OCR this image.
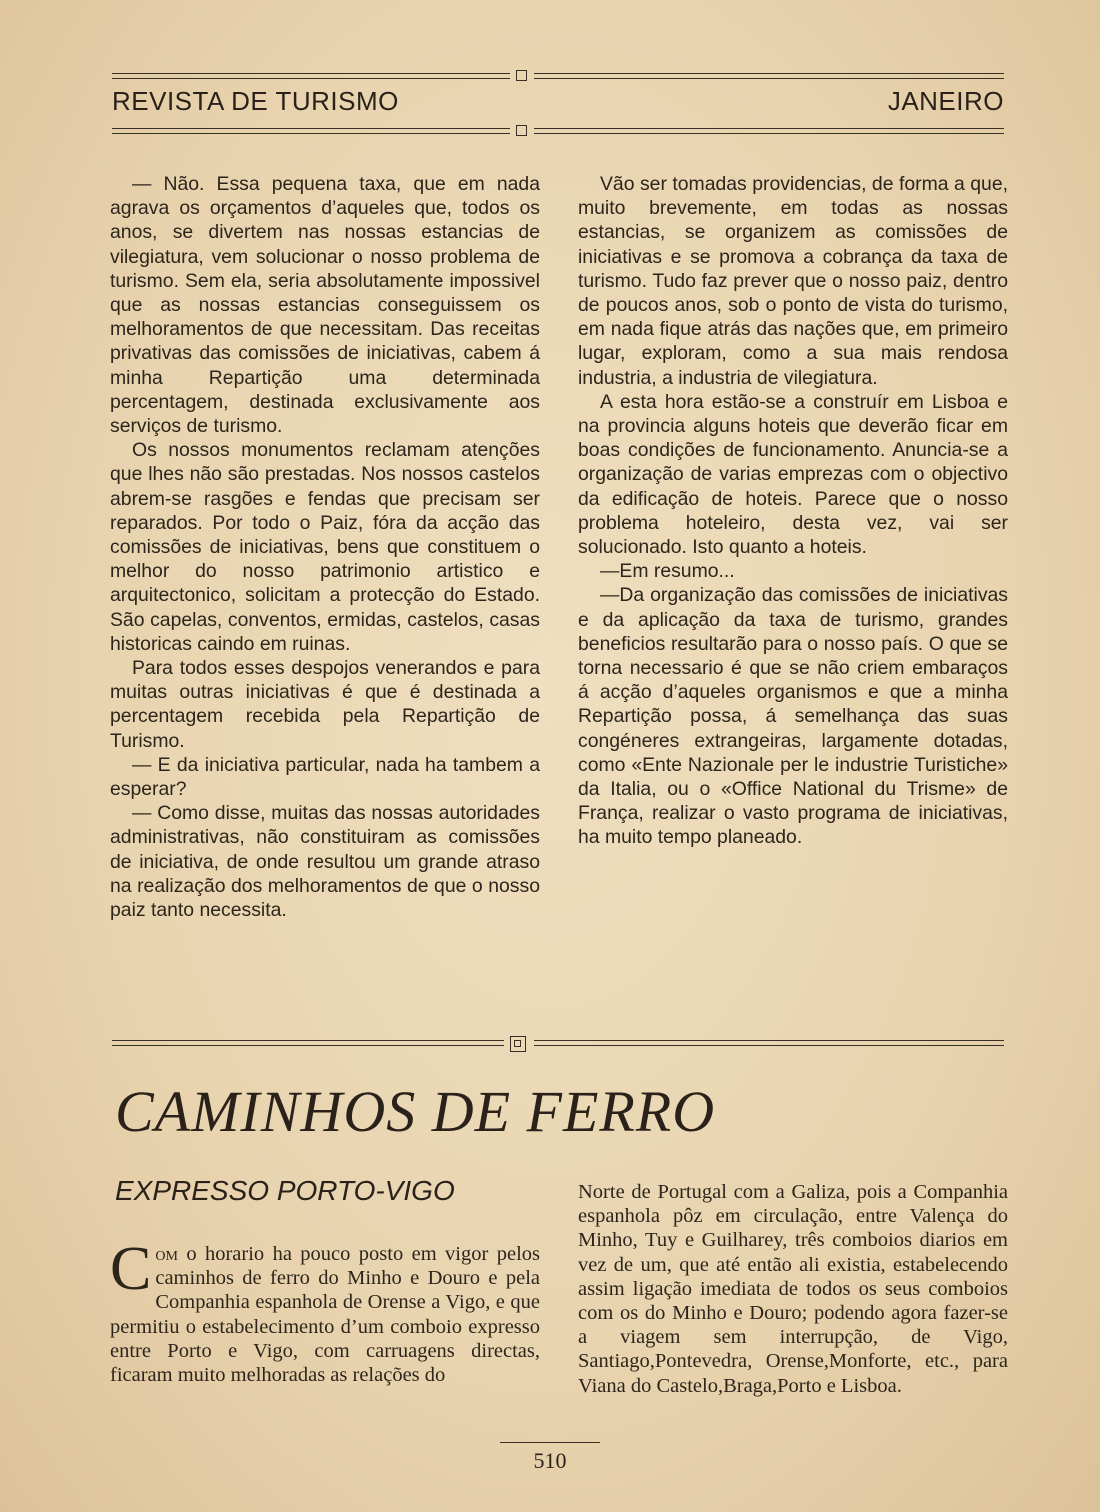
REVISTA DE TURISMO	JANEIRO

— Não. Essa pequena taxa, que em nada agrava os orçamentos d’aqueles que, todos os anos, se divertem nas nossas estancias de vilegiatura, vem solucionar o nosso problema de turismo. Sem ela, seria absolutamente impossivel que as nossas estancias conseguissem os melhoramentos de que necessitam. Das receitas privativas das comissões de iniciativas, cabem á minha Repartição uma determinada percentagem, destinada exclusivamente aos serviços de turismo.

Os nossos monumentos reclamam atenções que lhes não são prestadas. Nos nossos castelos abrem-se rasgões e fendas que precisam ser reparados. Por todo o Paiz, fóra da acção das comissões de iniciativas, bens que constituem o melhor do nosso patrimonio artistico e arquitectonico, solicitam a protecção do Estado. São capelas, conventos, ermidas, castelos, casas historicas caindo em ruinas.

Para todos esses despojos venerandos e para muitas outras iniciativas é que é destinada a percentagem recebida pela Repartição de Turismo.

— E da iniciativa particular, nada ha tambem a esperar?

— Como disse, muitas das nossas autoridades administrativas, não constituiram as comissões de iniciativa, de onde resultou um grande atraso na realização dos melhoramentos de que o nosso paiz tanto necessita.

Vão ser tomadas providencias, de forma a que, muito brevemente, em todas as nossas estancias, se organizem as comissões de iniciativas e se promova a cobrança da taxa de turismo. Tudo faz prever que o nosso paiz, dentro de poucos anos, sob o ponto de vista do turismo, em nada fique atrás das nações que, em primeiro lugar, exploram, como a sua mais rendosa industria, a industria de vilegiatura.

A esta hora estão-se a construír em Lisboa e na provincia alguns hoteis que deverão ficar em boas condições de funcionamento. Anuncia-se a organização de varias emprezas com o objectivo da edificação de hoteis. Parece que o nosso problema hoteleiro, desta vez, vai ser solucionado. Isto quanto a hoteis.

—Em resumo...

—Da organização das comissões de iniciativas e da aplicação da taxa de turismo, grandes beneficios resultarão para o nosso país. O que se torna necessario é que se não criem embaraços á acção d’aqueles organismos e que a minha Repartição possa, á semelhança das suas congéneres extrangeiras, largamente dotadas, como «Ente Nazionale per le industrie Turistiche» da Italia, ou o «Office National du Trisme» de França, realizar o vasto programa de iniciativas, ha muito tempo planeado.

CAMINHOS DE FERRO
EXPRESSO PORTO-VIGO

Com o horario ha pouco posto em vigor pelos caminhos de ferro do Minho e Douro e pela Companhia espanhola de Orense a Vigo, e que permitiu o estabelecimento d’um comboio expresso entre Porto e Vigo, com carruagens directas, ficaram muito melhoradas as relações do

Norte de Portugal com a Galiza, pois a Companhia espanhola pôz em circulação, entre Valença do Minho, Tuy e Guilharey, três comboios diarios em vez de um, que até então ali existia, estabelecendo assim ligação imediata de todos os seus comboios com os do Minho e Douro; podendo agora fazer-se a viagem sem interrupção, de Vigo, Santiago,Pontevedra, Orense,Monforte, etc., para Viana do Castelo,Braga,Porto e Lisboa.

510
